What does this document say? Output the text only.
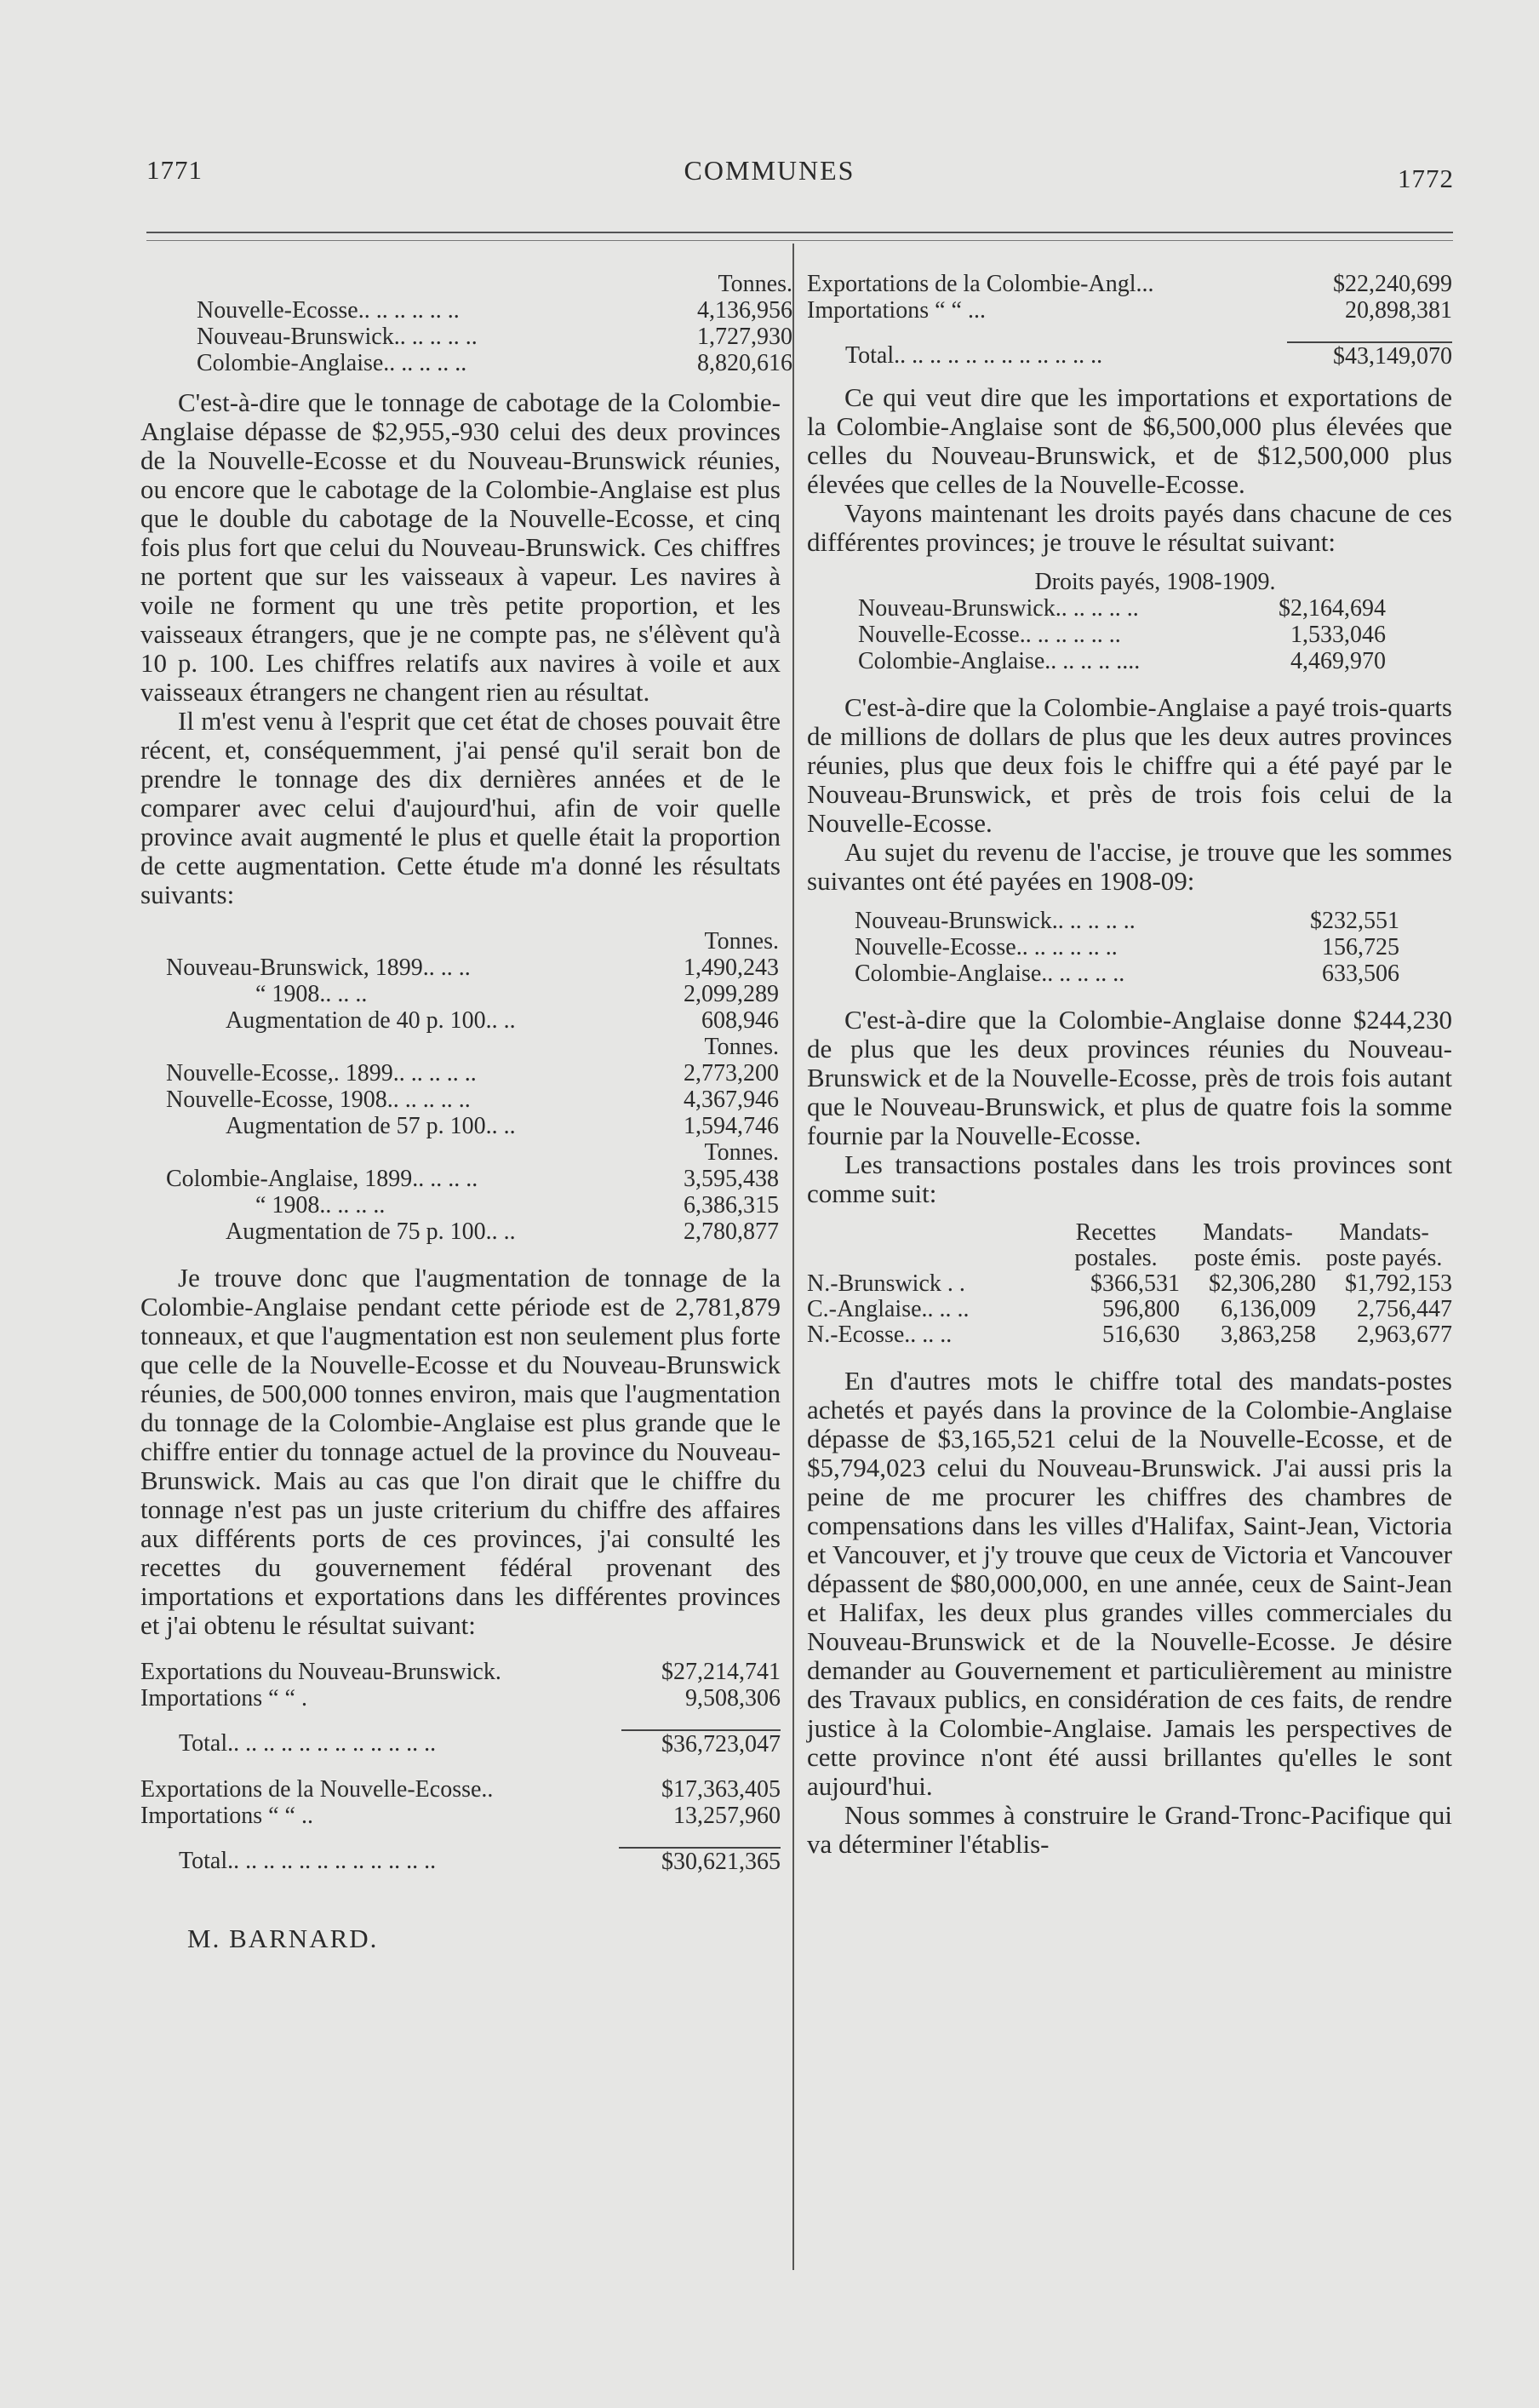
COMMUNES
1771	1772
	Tonnes.
Nouvelle-Ecosse.. .. .. .. .. ..	4,136,956
Nouveau-Brunswick.. .. .. .. ..	1,727,930
Colombie-Anglaise.. .. .. .. ..	8,820,616

C'est-à-dire que le tonnage de cabotage de la Colombie-Anglaise dépasse de $2,955,-930 celui des deux provinces de la Nouvelle-Ecosse et du Nouveau-Brunswick réunies, ou encore que le cabotage de la Colombie-Anglaise est plus que le double du cabotage de la Nouvelle-Ecosse, et cinq fois plus fort que celui du Nouveau-Brunswick. Ces chiffres ne portent que sur les vaisseaux à vapeur. Les navires à voile ne forment qu une très petite proportion, et les vaisseaux étrangers, que je ne compte pas, ne s'élèvent qu'à 10 p. 100. Les chiffres relatifs aux navires à voile et aux vaisseaux étrangers ne changent rien au résultat.

Il m'est venu à l'esprit que cet état de choses pouvait être récent, et, conséquemment, j'ai pensé qu'il serait bon de prendre le tonnage des dix dernières années et de le comparer avec celui d'aujourd'hui, afin de voir quelle province avait augmenté le plus et quelle était la proportion de cette augmentation. Cette étude m'a donné les résultats suivants:

	Tonnes.
Nouveau-Brunswick, 1899.. .. ..	1,490,243
“ 1908.. .. ..	2,099,289
Augmentation de 40 p. 100.. ..	608,946
	Tonnes.
Nouvelle-Ecosse,. 1899.. .. .. .. ..	2,773,200
Nouvelle-Ecosse, 1908.. .. .. .. ..	4,367,946
Augmentation de 57 p. 100.. ..	1,594,746
	Tonnes.
Colombie-Anglaise, 1899.. .. .. ..	3,595,438
“ 1908.. .. .. ..	6,386,315
Augmentation de 75 p. 100.. ..	2,780,877

Je trouve donc que l'augmentation de tonnage de la Colombie-Anglaise pendant cette période est de 2,781,879 tonneaux, et que l'augmentation est non seulement plus forte que celle de la Nouvelle-Ecosse et du Nouveau-Brunswick réunies, de 500,000 tonnes environ, mais que l'augmentation du tonnage de la Colombie-Anglaise est plus grande que le chiffre entier du tonnage actuel de la province du Nouveau-Brunswick. Mais au cas que l'on dirait que le chiffre du tonnage n'est pas un juste criterium du chiffre des affaires aux différents ports de ces provinces, j'ai consulté les recettes du gouvernement fédéral provenant des importations et exportations dans les différentes provinces et j'ai obtenu le résultat suivant:

Exportations du Nouveau-Brunswick.	$27,214,741
Importations “ “ .	9,508,306

Total.. .. .. .. .. .. .. .. .. .. .. ..	$36,723,047
Exportations de la Nouvelle-Ecosse..	$17,363,405
Importations “ “ ..	13,257,960

Total.. .. .. .. .. .. .. .. .. .. .. ..	$30,621,365
M. BARNARD.
Exportations de la Colombie-Angl...	$22,240,699
Importations “ “ ...	20,898,381

Total.. .. .. .. .. .. .. .. .. .. .. ..	$43,149,070

Ce qui veut dire que les importations et exportations de la Colombie-Anglaise sont de $6,500,000 plus élevées que celles du Nouveau-Brunswick, et de $12,500,000 plus élevées que celles de la Nouvelle-Ecosse.

Vayons maintenant les droits payés dans chacune de ces différentes provinces; je trouve le résultat suivant:

Droits payés, 1908-1909.
Nouveau-Brunswick.. .. .. .. ..	$2,164,694
Nouvelle-Ecosse.. .. .. .. .. ..	1,533,046
Colombie-Anglaise.. .. .. .. ....	4,469,970

C'est-à-dire que la Colombie-Anglaise a payé trois-quarts de millions de dollars de plus que les deux autres provinces réunies, plus que deux fois le chiffre qui a été payé par le Nouveau-Brunswick, et près de trois fois celui de la Nouvelle-Ecosse.

Au sujet du revenu de l'accise, je trouve que les sommes suivantes ont été payées en 1908-09:

Nouveau-Brunswick.. .. .. .. ..	$232,551
Nouvelle-Ecosse.. .. .. .. .. ..	156,725
Colombie-Anglaise.. .. .. .. ..	633,506

C'est-à-dire que la Colombie-Anglaise donne $244,230 de plus que les deux provinces réunies du Nouveau-Brunswick et de la Nouvelle-Ecosse, près de trois fois autant que le Nouveau-Brunswick, et plus de quatre fois la somme fournie par la Nouvelle-Ecosse.

Les transactions postales dans les trois provinces sont comme suit:

	Recettes postales.	Mandats-poste émis.	Mandats-poste payés.
N.-Brunswick . .	$366,531	$2,306,280	$1,792,153
C.-Anglaise.. .. ..	596,800	6,136,009	2,756,447
N.-Ecosse.. .. ..	516,630	3,863,258	2,963,677

En d'autres mots le chiffre total des mandats-postes achetés et payés dans la province de la Colombie-Anglaise dépasse de $3,165,521 celui de la Nouvelle-Ecosse, et de $5,794,023 celui du Nouveau-Brunswick. J'ai aussi pris la peine de me procurer les chiffres des chambres de compensations dans les villes d'Halifax, Saint-Jean, Victoria et Vancouver, et j'y trouve que ceux de Victoria et Vancouver dépassent de $80,000,000, en une année, ceux de Saint-Jean et Halifax, les deux plus grandes villes commerciales du Nouveau-Brunswick et de la Nouvelle-Ecosse. Je désire demander au Gouvernement et particulièrement au ministre des Travaux publics, en considération de ces faits, de rendre justice à la Colombie-Anglaise. Jamais les perspectives de cette province n'ont été aussi brillantes qu'elles le sont aujourd'hui.

Nous sommes à construire le Grand-Tronc-Pacifique qui va déterminer l'établis-
